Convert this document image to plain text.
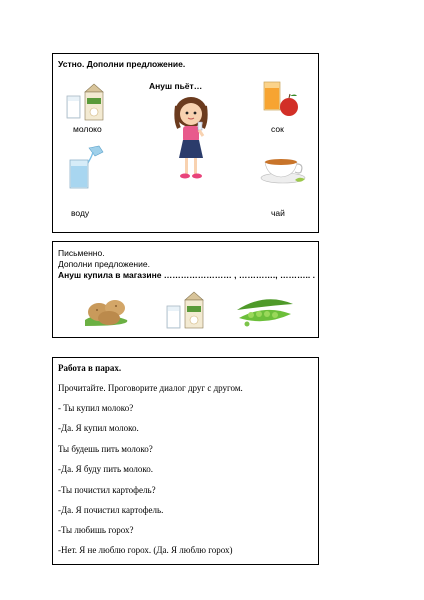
Устно. Дополни предложение.
Ануш пьёт…
молоко
воду
сок
чай
Письменно.
Дополни предложение.
Ануш купила в магазине …………………… , …………., ……….. .
Работа в парах.
Прочитайте. Проговорите диалог друг с другом.
- Ты купил молоко?
-Да. Я купил молоко.
Ты будешь пить молоко?
-Да. Я буду пить молоко.
-Ты почистил картофель?
-Да. Я почистил картофель.
-Ты любишь горох?
-Нет. Я не люблю горох. (Да. Я люблю горох)
